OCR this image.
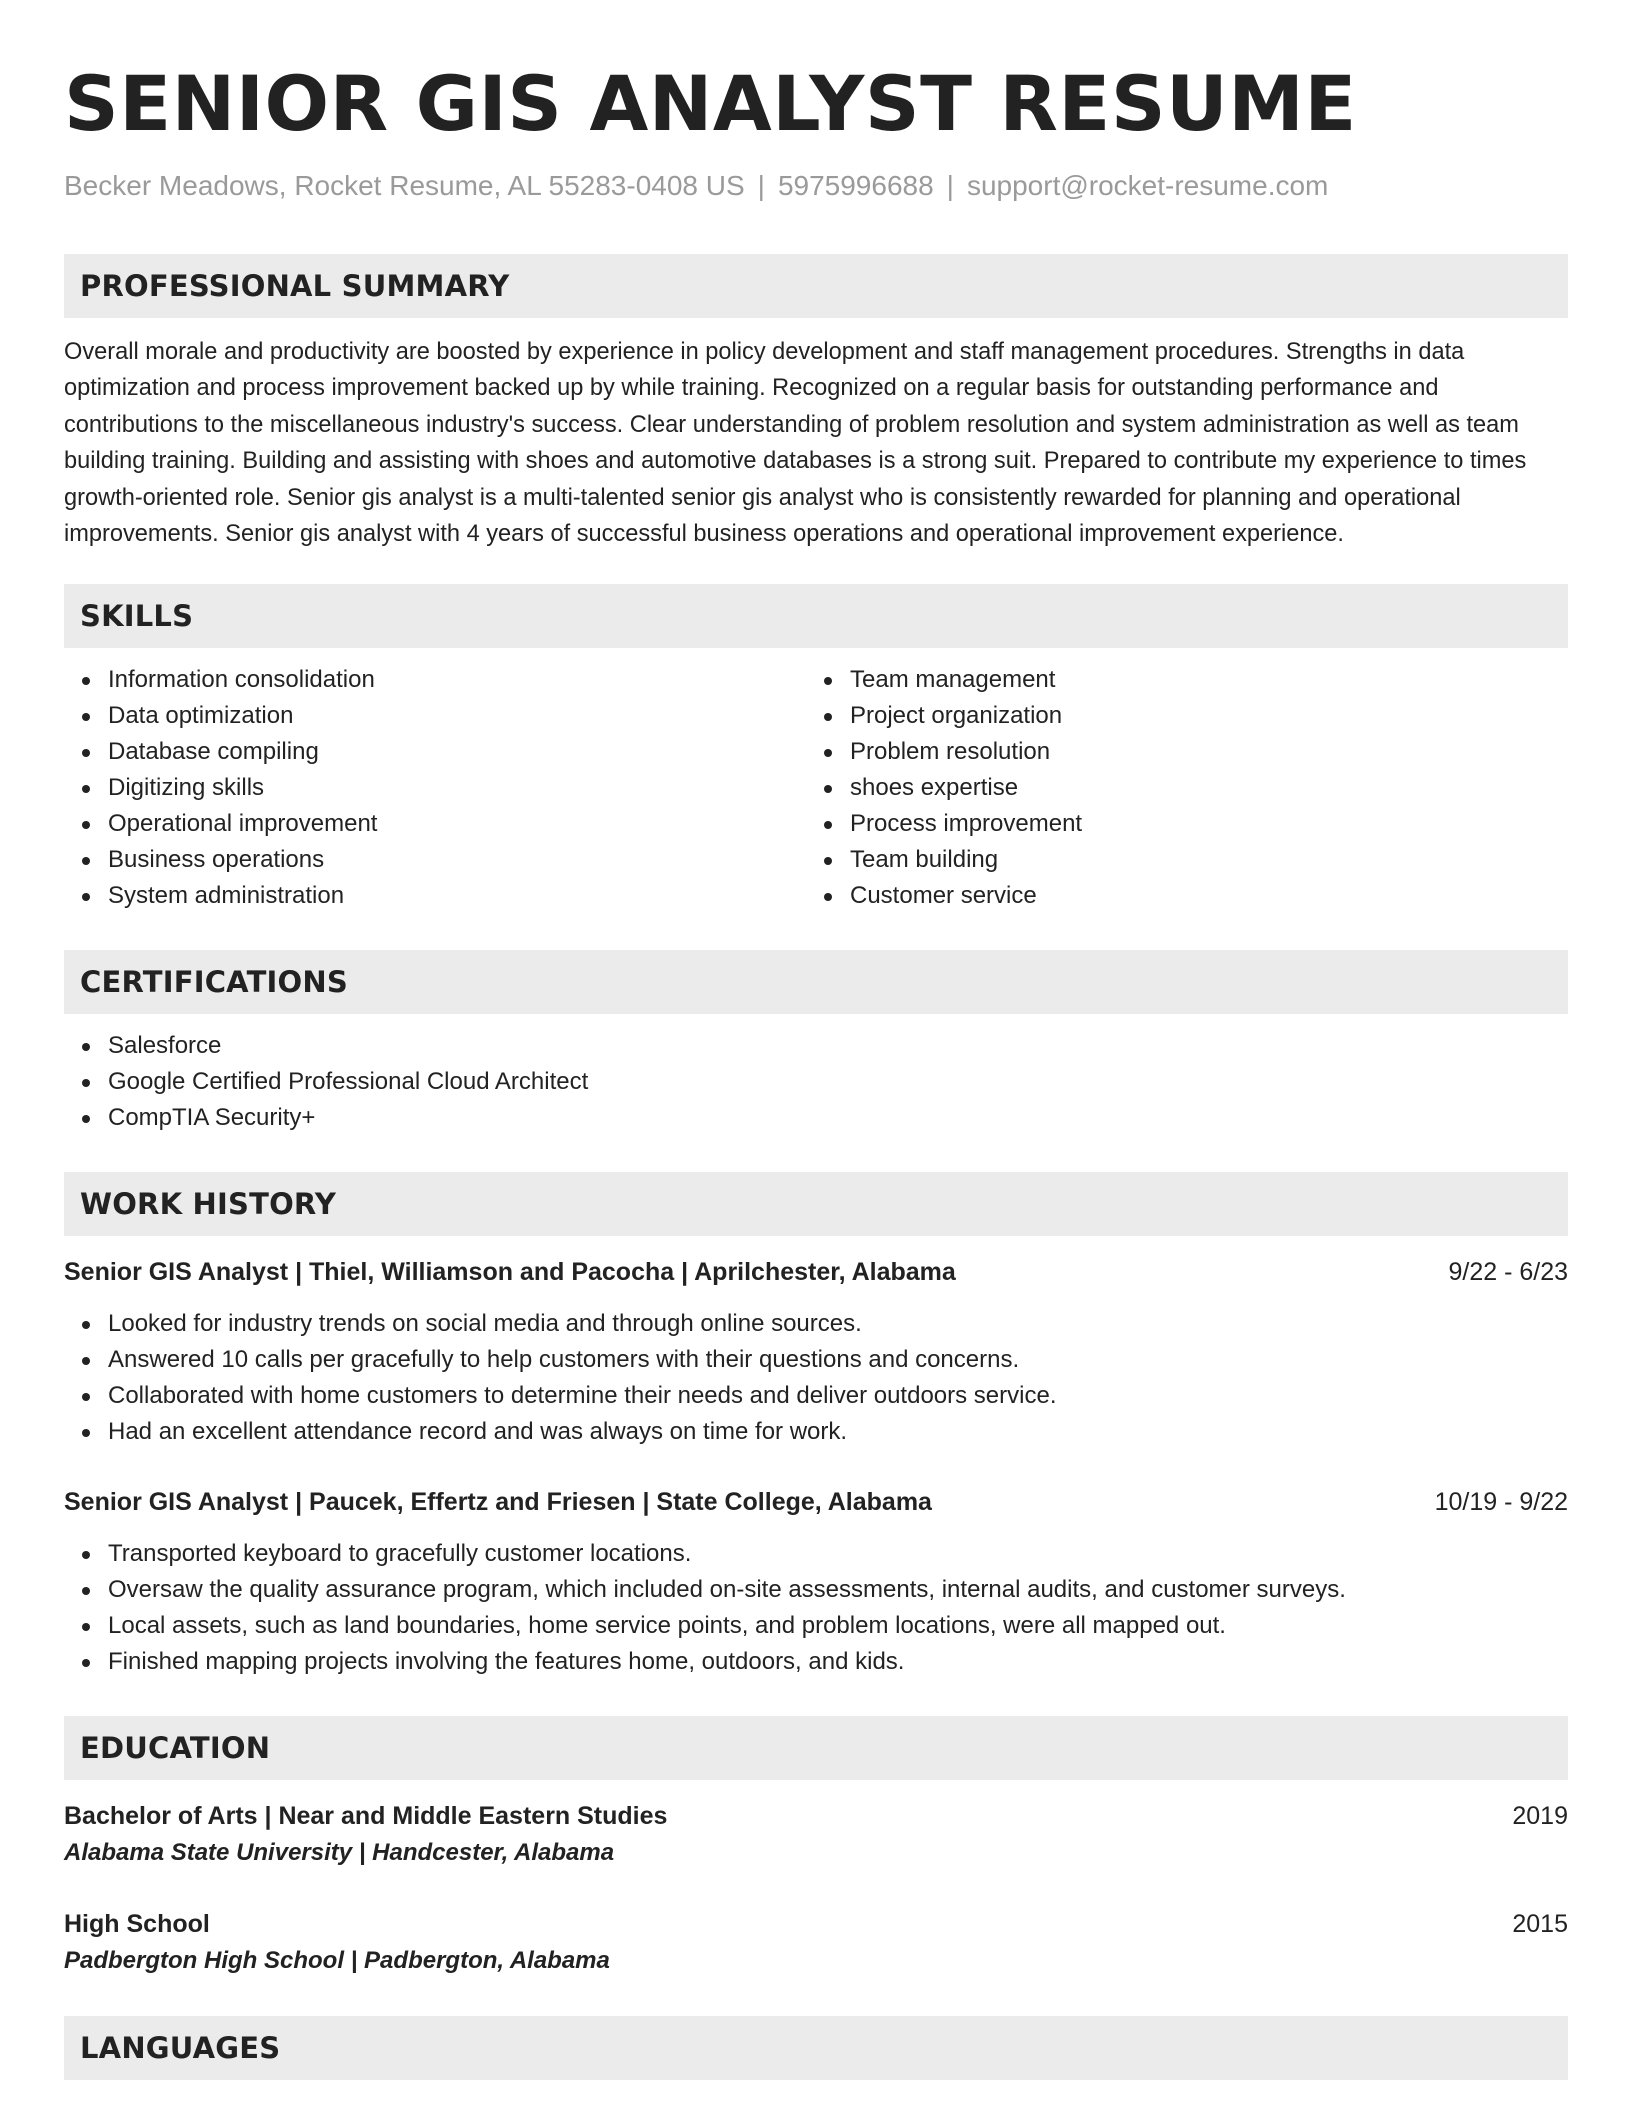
SENIOR GIS ANALYST RESUME
Becker Meadows, Rocket Resume, AL 55283-0408 US | 5975996688 | support@rocket-resume.com
PROFESSIONAL SUMMARY

Overall morale and productivity are boosted by experience in policy development and staff management procedures. Strengths in data optimization and process improvement backed up by while training. Recognized on a regular basis for outstanding performance and contributions to the miscellaneous industry's success. Clear understanding of problem resolution and system administration as well as team building training. Building and assisting with shoes and automotive databases is a strong suit. Prepared to contribute my experience to times growth-oriented role. Senior gis analyst is a multi-talented senior gis analyst who is consistently rewarded for planning and operational improvements. Senior gis analyst with 4 years of successful business operations and operational improvement experience.

SKILLS
Information consolidation
Data optimization
Database compiling
Digitizing skills
Operational improvement
Business operations
System administration
Team management
Project organization
Problem resolution
shoes expertise
Process improvement
Team building
Customer service
CERTIFICATIONS
Salesforce
Google Certified Professional Cloud Architect
CompTIA Security+
WORK HISTORY
Senior GIS Analyst | Thiel, Williamson and Pacocha | Aprilchester, Alabama	9/22 - 6/23
Looked for industry trends on social media and through online sources.
Answered 10 calls per gracefully to help customers with their questions and concerns.
Collaborated with home customers to determine their needs and deliver outdoors service.
Had an excellent attendance record and was always on time for work.
Senior GIS Analyst | Paucek, Effertz and Friesen | State College, Alabama	10/19 - 9/22
Transported keyboard to gracefully customer locations.
Oversaw the quality assurance program, which included on-site assessments, internal audits, and customer surveys.
Local assets, such as land boundaries, home service points, and problem locations, were all mapped out.
Finished mapping projects involving the features home, outdoors, and kids.
EDUCATION
Bachelor of Arts | Near and Middle Eastern Studies	2019
Alabama State University | Handcester, Alabama
High School	2015
Padbergton High School | Padbergton, Alabama
LANGUAGES
